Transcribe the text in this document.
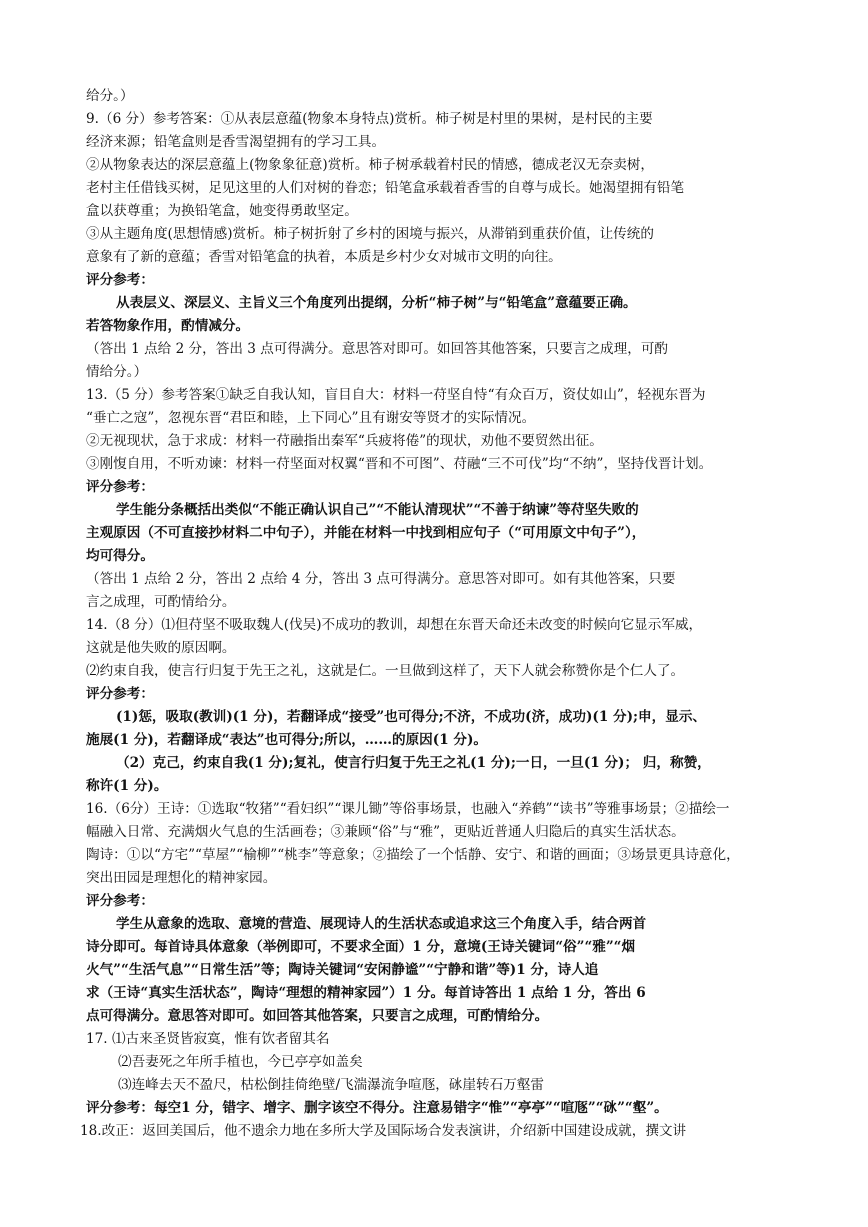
给分。）
9.（6 分）参考答案：①从表层意蕴(物象本身特点)赏析。柿子树是村里的果树，是村民的主要
经济来源；铅笔盒则是香雪渴望拥有的学习工具。
②从物象表达的深层意蕴上(物象象征意)赏析。柿子树承载着村民的情感，德成老汉无奈卖树，
老村主任借钱买树，足见这里的人们对树的眷恋；铅笔盒承载着香雪的自尊与成长。她渴望拥有铅笔
盒以获尊重；为换铅笔盒，她变得勇敢坚定。
③从主题角度(思想情感)赏析。柿子树折射了乡村的困境与振兴，从滞销到重获价值，让传统的
意象有了新的意蕴；香雪对铅笔盒的执着，本质是乡村少女对城市文明的向往。
评分参考：
从表层义、深层义、主旨义三个角度列出提纲，分析“柿子树”与“铅笔盒”意蕴要正确。
若答物象作用，酌情减分。
（答出 1 点给 2 分，答出 3 点可得满分。意思答对即可。如回答其他答案，只要言之成理，可酌
情给分。）
13.（5 分）参考答案①缺乏自我认知，盲目自大：材料一苻坚自恃“有众百万，资仗如山”，轻视东晋为
“垂亡之寇”，忽视东晋“君臣和睦，上下同心”且有谢安等贤才的实际情况。
②无视现状，急于求成：材料一苻融指出秦军“兵疲将倦”的现状，劝他不要贸然出征。
③刚愎自用，不听劝谏：材料一苻坚面对权翼“晋和不可图”、苻融“三不可伐”均“不纳”，坚持伐晋计划。
评分参考：
学生能分条概括出类似“不能正确认识自己”“不能认清现状”“不善于纳谏”等苻坚失败的
主观原因（不可直接抄材料二中句子），并能在材料一中找到相应句子（“可用原文中句子”），
均可得分。
（答出 1 点给 2 分，答出 2 点给 4 分，答出 3 点可得满分。意思答对即可。如有其他答案，只要
言之成理，可酌情给分。
14.（8 分）⑴但苻坚不吸取魏人(伐吴)不成功的教训，却想在东晋天命还未改变的时候向它显示军威，
这就是他失败的原因啊。
⑵约束自我，使言行归复于先王之礼，这就是仁。一旦做到这样了，天下人就会称赞你是个仁人了。
评分参考：
(1)惩，吸取(教训)(1 分)，若翻译成“接受”也可得分;不济，不成功(济，成功)(1 分);申，显示、
施展(1 分)，若翻译成“表达”也可得分;所以，……的原因(1 分)。
（2）克己，约束自我(1 分);复礼，使言行归复于先王之礼(1 分);一日，一旦(1 分)； 归，称赞，
称许(1 分)。
16.（6分）王诗：①选取“牧猪”“看妇织”“课儿锄”等俗事场景，也融入“养鹤”“读书”等雅事场景；②描绘一
幅融入日常、充满烟火气息的生活画卷；③兼顾“俗”与“雅”，更贴近普通人归隐后的真实生活状态。
陶诗：①以“方宅”“草屋”“榆柳”“桃李”等意象；②描绘了一个恬静、安宁、和谐的画面；③场景更具诗意化，
突出田园是理想化的精神家园。
评分参考：
学生从意象的选取、意境的营造、展现诗人的生活状态或追求这三个角度入手，结合两首
诗分即可。每首诗具体意象（举例即可，不要求全面）1 分，意境(王诗关键词“俗”“雅”“烟
火气”“生活气息”“日常生活”等；陶诗关键词“安闲静谧”“宁静和谐”等)1 分，诗人追
求（王诗“真实生活状态”，陶诗“理想的精神家园”）1 分。每首诗答出 1 点给 1 分，答出 6
点可得满分。意思答对即可。如回答其他答案，只要言之成理，可酌情给分。
17. ⑴古来圣贤皆寂寞，惟有饮者留其名
⑵吾妻死之年所手植也，今已亭亭如盖矣
⑶连峰去天不盈尺，枯松倒挂倚绝壁/飞湍瀑流争喧豗，砯崖转石万壑雷
评分参考：每空1 分，错字、增字、删字该空不得分。注意易错字“惟”“亭亭”“喧豗”“砯”“壑”。
18.改正：返回美国后，他不遗余力地在多所大学及国际场合发表演讲，介绍新中国建设成就，撰文讲
